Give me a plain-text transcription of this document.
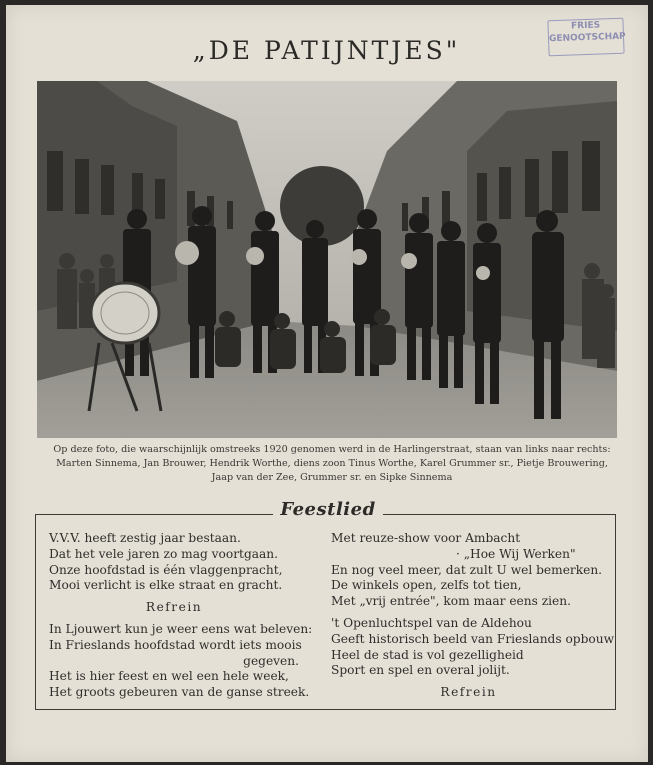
FRIES
GENOOTSCHAP
„DE PATIJNTJES"
Op deze foto, die waarschijnlijk omstreeks 1920 genomen werd in de Harlingerstraat, staan van links naar rechts: Marten Sinnema, Jan Brouwer, Hendrik Worthe, diens zoon Tinus Worthe, Karel Grummer sr., Pietje Brouwering, Jaap van der Zee, Grummer sr. en Sipke Sinnema
Feestlied
V.V.V. heeft zestig jaar bestaan.
Dat het vele jaren zo mag voortgaan.
Onze hoofdstad is één vlaggenpracht,
Mooi verlicht is elke straat en gracht.
Refrein
In Ljouwert kun je weer eens wat beleven:
In Frieslands hoofdstad wordt iets moois
gegeven.
Het is hier feest en wel een hele week,
Het groots gebeuren van de ganse streek.
Met reuze-show voor Ambacht
· „Hoe Wij Werken"
En nog veel meer, dat zult U wel bemerken.
De winkels open, zelfs tot tien,
Met „vrij entrée", kom maar eens zien.
't Openluchtspel van de Aldehou
Geeft historisch beeld van Frieslands opbouw
Heel de stad is vol gezelligheid
Sport en spel en overal jolijt.
Refrein
